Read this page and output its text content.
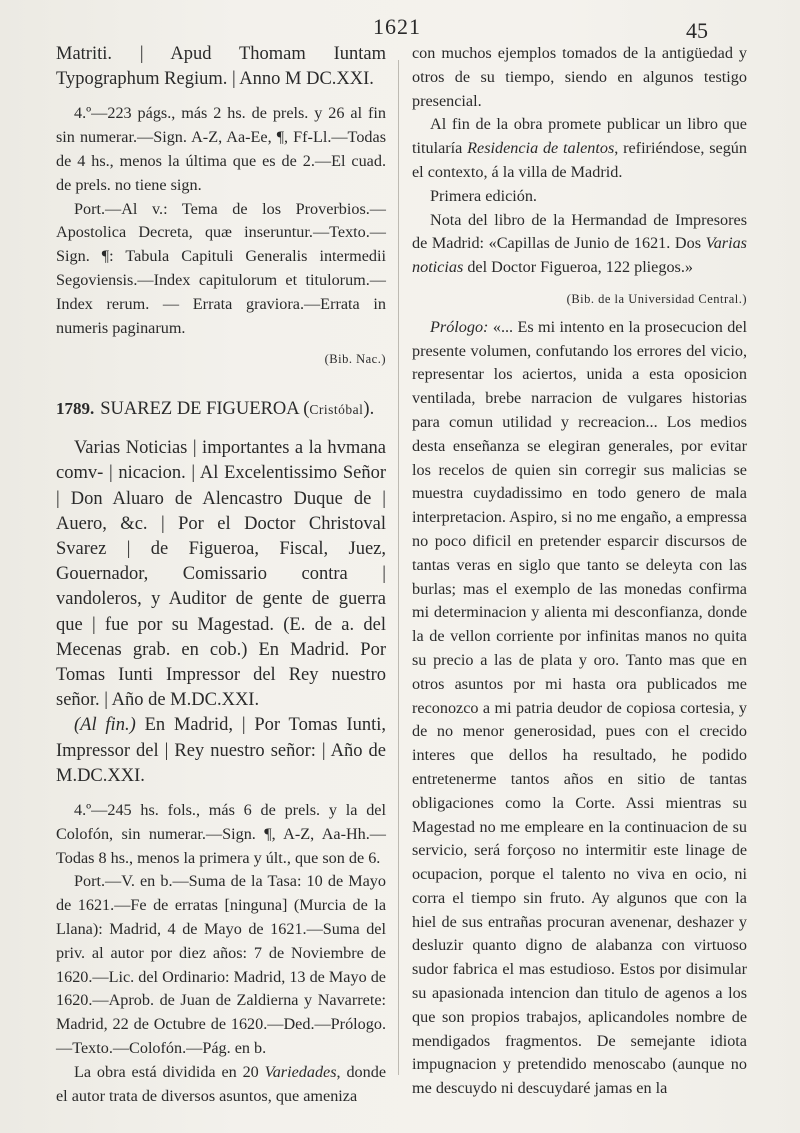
1621	45

Matriti. | Apud Thomam Iuntam Typographum Regium. | Anno M DC.XXI.

4.º—223 págs., más 2 hs. de prels. y 26 al fin sin numerar.—Sign. A-Z, Aa-Ee, ¶, Ff-Ll.—Todas de 4 hs., menos la última que es de 2.—El cuad. de prels. no tiene sign.

Port.—Al v.: Tema de los Proverbios.—Apostolica Decreta, quæ inseruntur.—Texto.—Sign. ¶: Tabula Capituli Generalis intermedii Segoviensis.—Index capitulorum et titulorum.—Index rerum. — Errata graviora.—Errata in numeris paginarum.

(Bib. Nac.)

1789. SUAREZ DE FIGUEROA (Cristóbal).

Varias Noticias | importantes a la hvmana comv- | nicacion. | Al Excelentissimo Señor | Don Aluaro de Alencastro Duque de | Auero, &c. | Por el Doctor Christoval Svarez | de Figueroa, Fiscal, Juez, Gouernador, Comissario contra | vandoleros, y Auditor de gente de guerra que | fue por su Magestad. (E. de a. del Mecenas grab. en cob.) En Madrid. Por Tomas Iunti Impressor del Rey nuestro señor. | Año de M.DC.XXI.

(Al fin.) En Madrid, | Por Tomas Iunti, Impressor del | Rey nuestro señor: | Año de M.DC.XXI.

4.º—245 hs. fols., más 6 de prels. y la del Colofón, sin numerar.—Sign. ¶, A-Z, Aa-Hh.—Todas 8 hs., menos la primera y últ., que son de 6.

Port.—V. en b.—Suma de la Tasa: 10 de Mayo de 1621.—Fe de erratas [ninguna] (Murcia de la Llana): Madrid, 4 de Mayo de 1621.—Suma del priv. al autor por diez años: 7 de Noviembre de 1620.—Lic. del Ordinario: Madrid, 13 de Mayo de 1620.—Aprob. de Juan de Zaldierna y Navarrete: Madrid, 22 de Octubre de 1620.—Ded.—Prólogo.—Texto.—Colofón.—Pág. en b.

La obra está dividida en 20 Variedades, donde el autor trata de diversos asuntos, que ameniza

con muchos ejemplos tomados de la antigüedad y otros de su tiempo, siendo en algunos testigo presencial.

Al fin de la obra promete publicar un libro que titularía Residencia de talentos, refiriéndose, según el contexto, á la villa de Madrid.

Primera edición.

Nota del libro de la Hermandad de Impresores de Madrid: «Capillas de Junio de 1621. Dos Varias noticias del Doctor Figueroa, 122 pliegos.»

(Bib. de la Universidad Central.)

Prólogo: «... Es mi intento en la prosecucion del presente volumen, confutando los errores del vicio, representar los aciertos, unida a esta oposicion ventilada, brebe narracion de vulgares historias para comun utilidad y recreacion... Los medios desta enseñanza se elegiran generales, por evitar los recelos de quien sin corregir sus malicias se muestra cuydadissimo en todo genero de mala interpretacion. Aspiro, si no me engaño, a empressa no poco dificil en pretender esparcir discursos de tantas veras en siglo que tanto se deleyta con las burlas; mas el exemplo de las monedas confirma mi determinacion y alienta mi desconfianza, donde la de vellon corriente por infinitas manos no quita su precio a las de plata y oro. Tanto mas que en otros asuntos por mi hasta ora publicados me reconozco a mi patria deudor de copiosa cortesia, y de no menor generosidad, pues con el crecido interes que dellos ha resultado, he podido entretenerme tantos años en sitio de tantas obligaciones como la Corte. Assi mientras su Magestad no me empleare en la continuacion de su servicio, será forçoso no intermitir este linage de ocupacion, porque el talento no viva en ocio, ni corra el tiempo sin fruto. Ay algunos que con la hiel de sus entrañas procuran avenenar, deshazer y desluzir quanto digno de alabanza con virtuoso sudor fabrica el mas estudioso. Estos por disimular su apasionada intencion dan titulo de agenos a los que son propios trabajos, aplicandoles nombre de mendigados fragmentos. De semejante idiota impugnacion y pretendido menoscabo (aunque no me descuydo ni descuydaré jamas en la
